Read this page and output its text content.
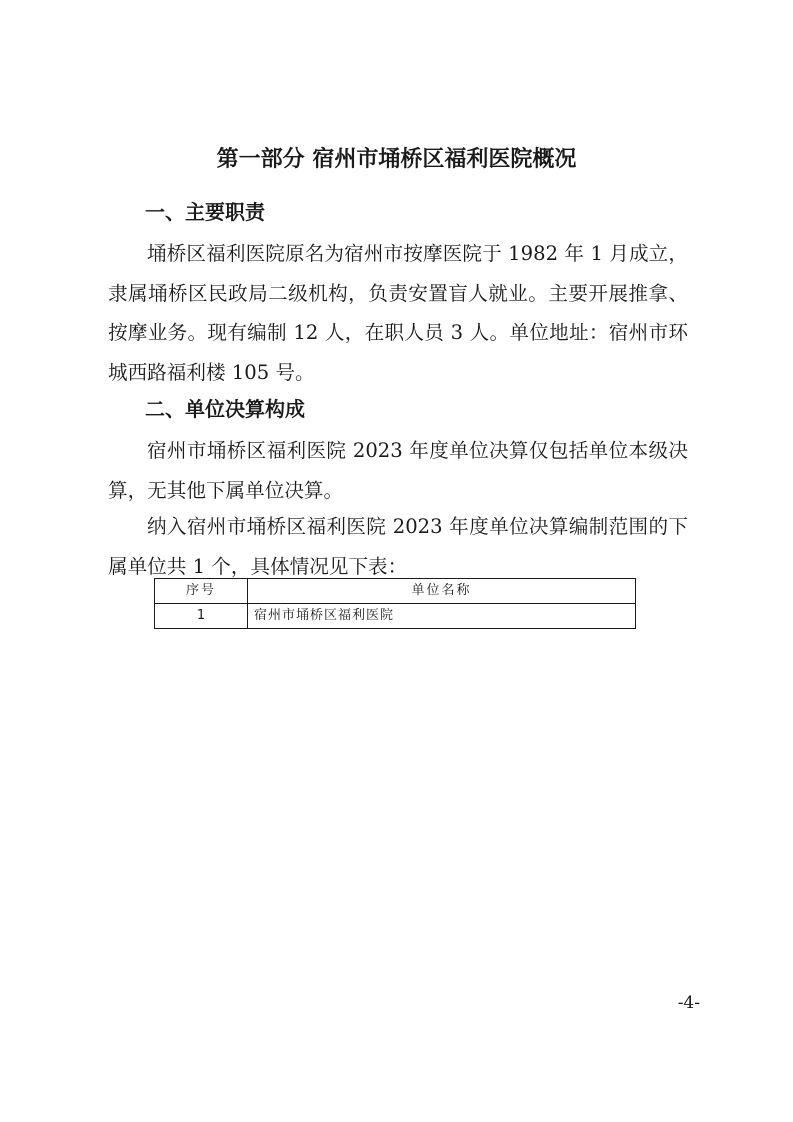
第一部分 宿州市埇桥区福利医院概况
一、主要职责

埇桥区福利医院原名为宿州市按摩医院于 1982 年 1 月成立，隶属埇桥区民政局二级机构，负责安置盲人就业。主要开展推拿、按摩业务。现有编制 12 人，在职人员 3 人。单位地址：宿州市环城西路福利楼 105 号。

二、单位决算构成

宿州市埇桥区福利医院 2023 年度单位决算仅包括单位本级决算，无其他下属单位决算。

纳入宿州市埇桥区福利医院 2023 年度单位决算编制范围的下属单位共 1 个，具体情况见下表：

序号	单位名称
1	宿州市埇桥区福利医院

-4-
